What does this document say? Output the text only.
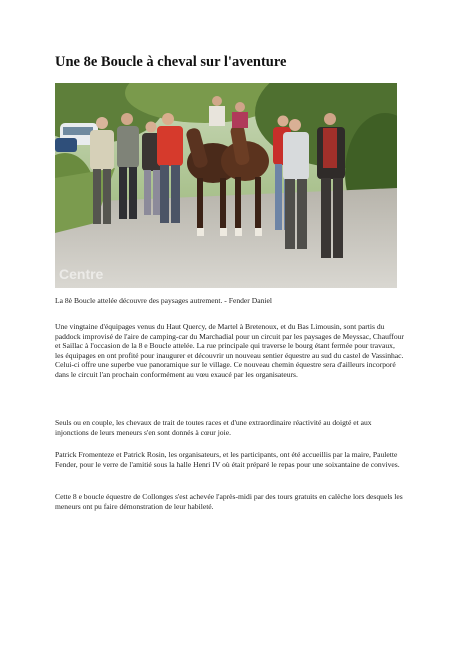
Une 8e Boucle à cheval sur l'aventure
Centre
La 8è Boucle attelée découvre des paysages autrement. - Fender Daniel
Une vingtaine d'équipages venus du Haut Quercy, de Martel à Bretenoux, et du Bas Limousin, sont partis du paddock improvisé de l'aire de camping-car du Marchadial pour un circuit par les paysages de Meyssac, Chauffour et Saillac à l'occasion de la 8 e Boucle attelée. La rue principale qui traverse le bourg étant fermée pour travaux, les équipages en ont profité pour inaugurer et découvrir un nouveau sentier équestre au sud du castel de Vassinhac. Celui-ci offre une superbe vue panoramique sur le village. Ce nouveau chemin équestre sera d'ailleurs incorporé dans le circuit l'an prochain conformément au vœu exaucé par les organisateurs.
Seuls ou en couple, les chevaux de trait de toutes races et d'une extraordinaire réactivité au doigté et aux injonctions de leurs meneurs s'en sont donnés à cœur joie.
Patrick Fromenteze et Patrick Rosin, les organisateurs, et les participants, ont été accueillis par la maire, Paulette Fender, pour le verre de l'amitié sous la halle Henri IV où était préparé le repas pour une soixantaine de convives.
Cette 8 e boucle équestre de Collonges s'est achevée l'après-midi par des tours gratuits en calèche lors desquels les meneurs ont pu faire démonstration de leur habileté.
